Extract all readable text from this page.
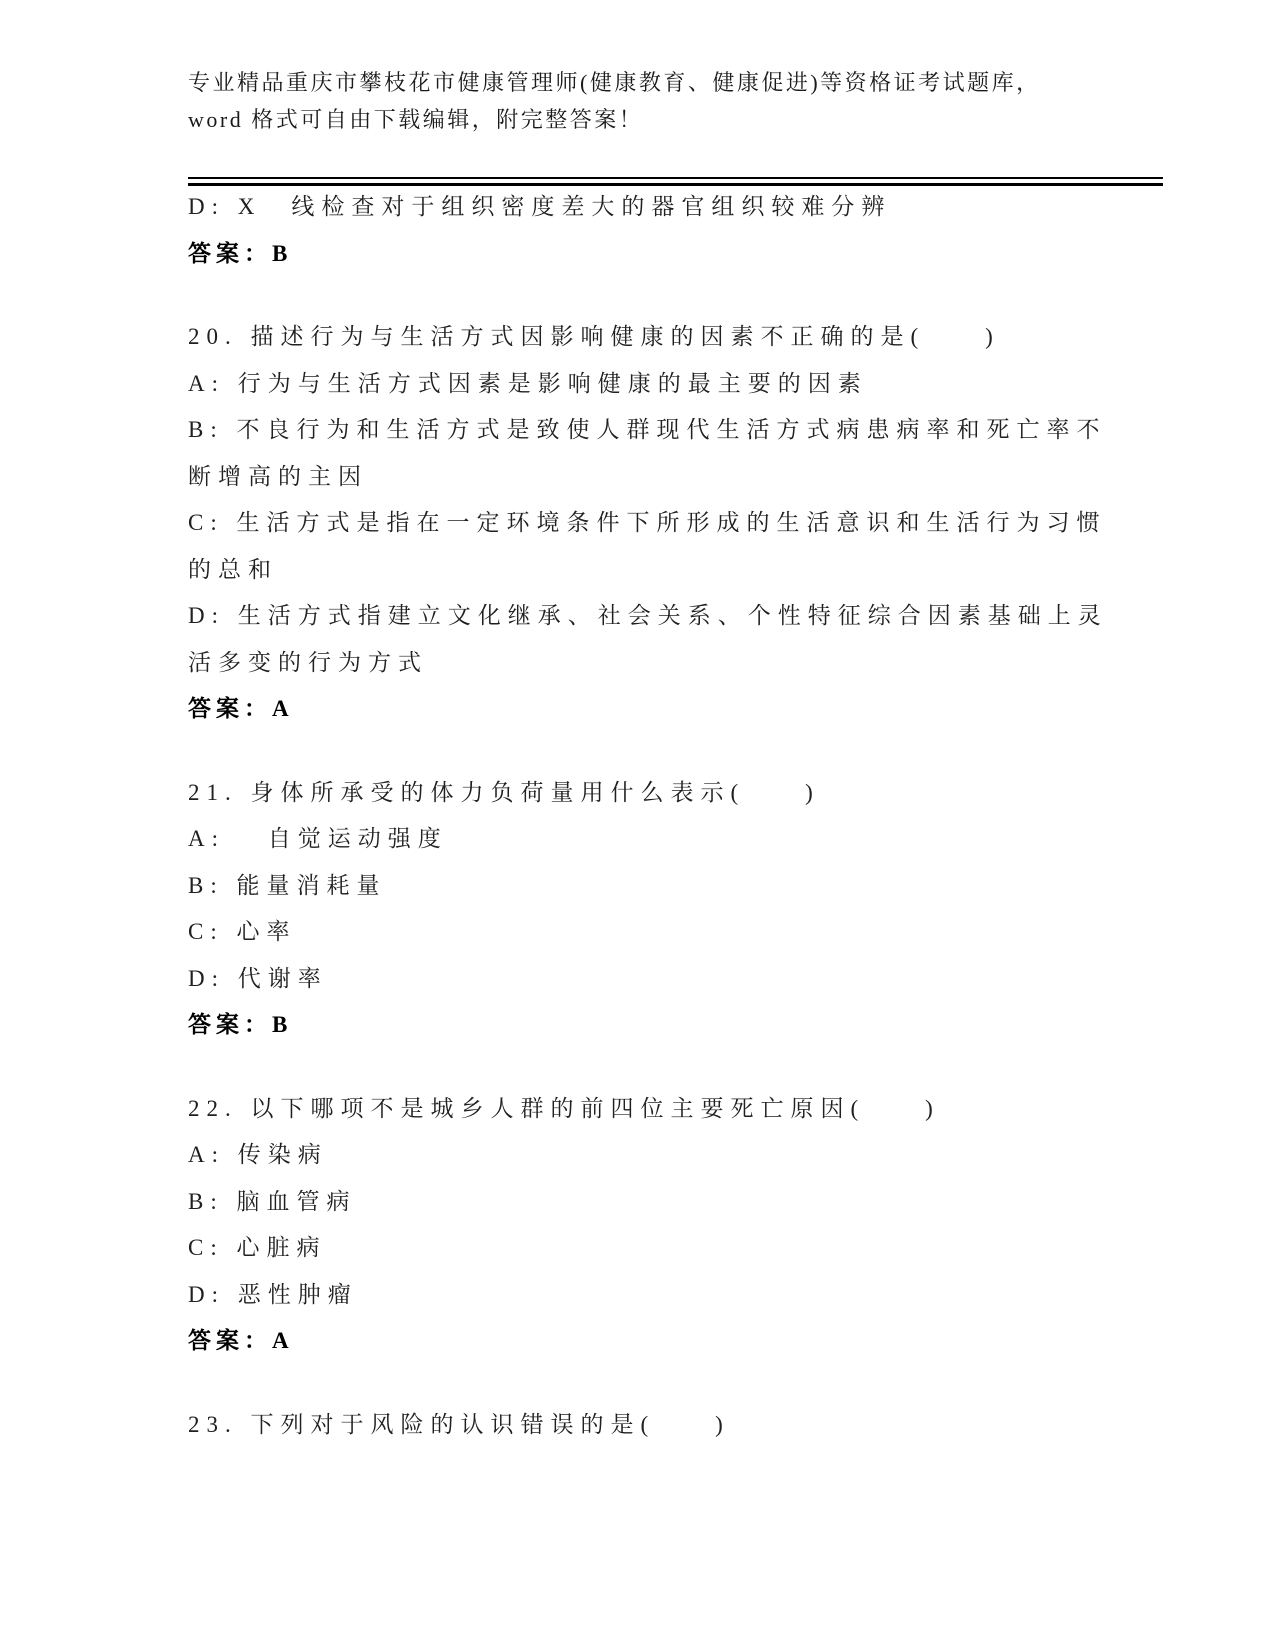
专业精品重庆市攀枝花市健康管理师(健康教育、健康促进)等资格证考试题库，

word 格式可自由下载编辑，附完整答案！

D: X　线检查对于组织密度差大的器官组织较难分辨

答案：B

20. 描述行为与生活方式因影响健康的因素不正确的是(　　)

A: 行为与生活方式因素是影响健康的最主要的因素

B: 不良行为和生活方式是致使人群现代生活方式病患病率和死亡率不断增高的主因

C: 生活方式是指在一定环境条件下所形成的生活意识和生活行为习惯的总和

D: 生活方式指建立文化继承、社会关系、个性特征综合因素基础上灵活多变的行为方式

答案：A

21. 身体所承受的体力负荷量用什么表示(　　)

A: 　自觉运动强度

B: 能量消耗量

C: 心率

D: 代谢率

答案：B

22. 以下哪项不是城乡人群的前四位主要死亡原因(　　)

A: 传染病

B: 脑血管病

C: 心脏病

D: 恶性肿瘤

答案：A

23. 下列对于风险的认识错误的是(　　)
